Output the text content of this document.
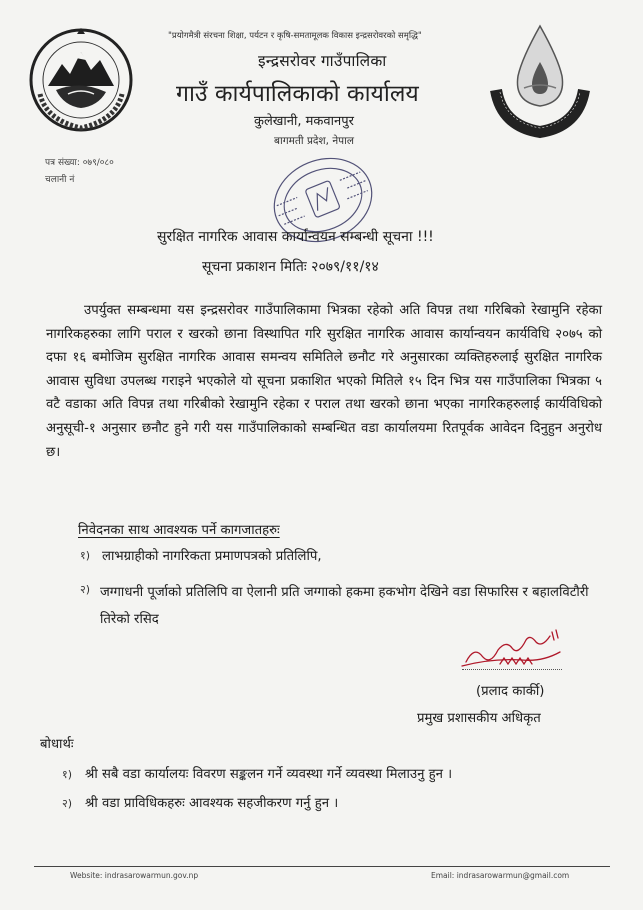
"प्रयोगमैत्री संरचना शिक्षा, पर्यटन र कृषि-समतामूलक विकास इन्द्रसरोवरको समृद्धि"
इन्द्रसरोवर गाउँपालिका
गाउँ कार्यपालिकाको कार्यालय
कुलेखानी, मकवानपुर
बागमती प्रदेश, नेपाल
पत्र संख्या: ०७९/०८०
चलानी नं
सुरक्षित नागरिक आवास कार्यान्वयन सम्बन्धी सूचना !!!
सूचना प्रकाशन मितिः २०७९/११/१४
उपर्युक्त सम्बन्धमा यस इन्द्रसरोवर गाउँपालिकामा भित्रका रहेको अति विपन्न तथा गरिबिको रेखामुनि रहेका नागरिकहरुका लागि पराल र खरको छाना विस्थापित गरि सुरक्षित नागरिक आवास कार्यान्वयन कार्यविधि २०७५ को दफा १६ बमोजिम सुरक्षित नागरिक आवास समन्वय समितिले छनौट गरे अनुसारका व्यक्तिहरुलाई सुरक्षित नागरिक आवास सुविधा उपलब्ध गराइने भएकोले यो सूचना प्रकाशित भएको मितिले १५ दिन भित्र यस गाउँपालिका भित्रका ५ वटै वडाका अति विपन्न तथा गरिबीको रेखामुनि रहेका र पराल तथा खरको छाना भएका नागरिकहरुलाई कार्यविधिको अनुसूची-१ अनुसार छनौट हुने गरी यस गाउँपालिकाको सम्बन्धित वडा कार्यालयमा रितपूर्वक आवेदन दिनुहुन अनुरोध छ।
निवेदनका साथ आवश्यक पर्ने कागजातहरुः
१) लाभग्राहीको नागरिकता प्रमाणपत्रको प्रतिलिपि,
२) जग्गाधनी पूर्जाको प्रतिलिपि वा ऐलानी प्रति जग्गाको हकमा हकभोग देखिने वडा सिफारिस र बहालविटौरी तिरेको रसिद
(प्रलाद कार्की)
प्रमुख प्रशासकीय अधिकृत
बोधार्थः
१) श्री सबै वडा कार्यालयः विवरण सङ्कलन गर्ने व्यवस्था गर्ने व्यवस्था मिलाउनु हुन ।
२) श्री वडा प्राविधिकहरुः आवश्यक सहजीकरण गर्नु हुन ।
Website: indrasarowarmun.gov.np	Email: indrasarowarmun@gmail.com
